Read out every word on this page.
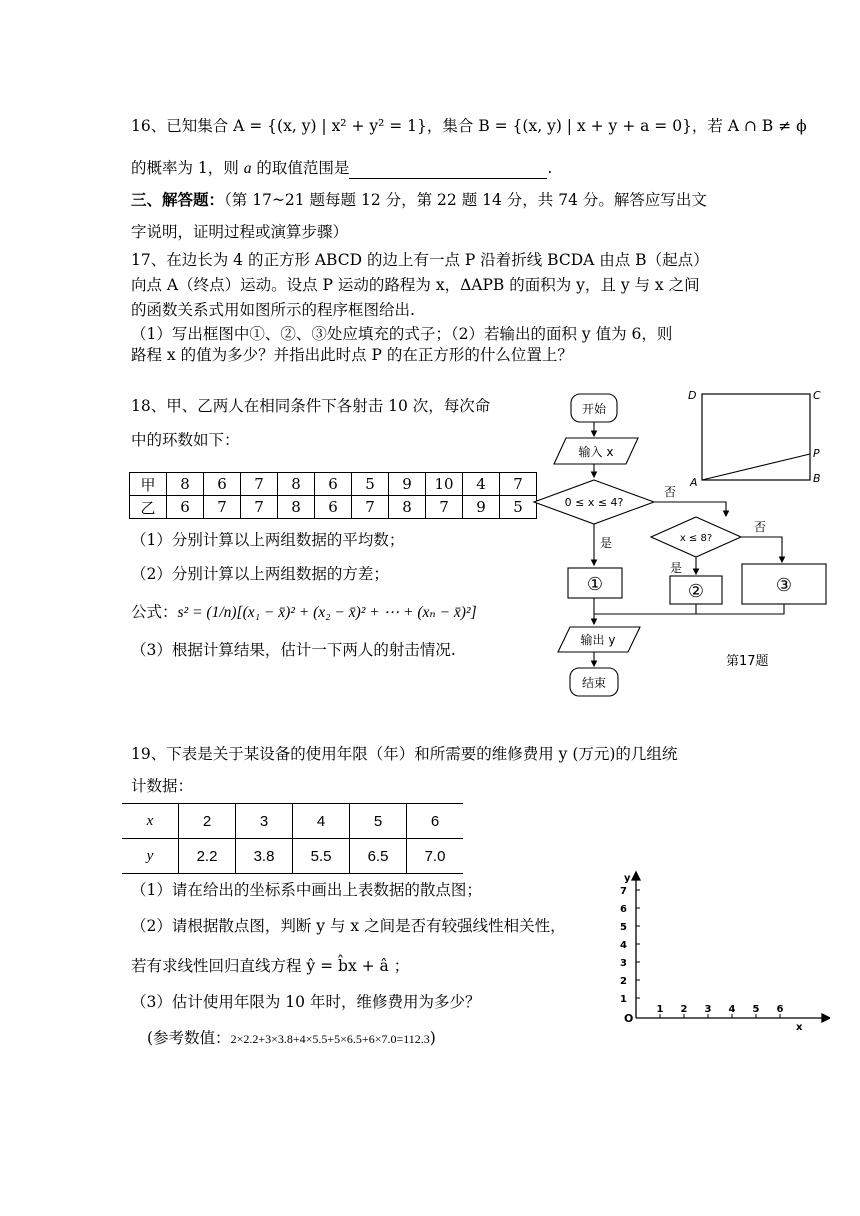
16、已知集合 A = {(x, y) | x² + y² = 1}，集合 B = {(x, y) | x + y + a = 0}，若 A ∩ B ≠ ϕ
的概率为 1，则 a 的取值范围是	.
三、解答题：（第 17~21 题每题 12 分，第 22 题 14 分，共 74 分。解答应写出文
字说明，证明过程或演算步骤）
17、在边长为 4 的正方形 ABCD 的边上有一点 P 沿着折线 BCDA 由点 B（起点）
向点 A（终点）运动。设点 P 运动的路程为 x，ΔAPB 的面积为 y，且 y 与 x 之间
的函数关系式用如图所示的程序框图给出.
（1）写出框图中①、②、③处应填充的式子；（2）若输出的面积 y 值为 6，则
路程 x 的值为多少？并指出此时点 P 的在正方形的什么位置上？
18、甲、乙两人在相同条件下各射击 10 次，每次命
中的环数如下：
甲	8	6	7	8	6	5	9	10	4	7
乙	6	7	7	8	6	7	8	7	9	5
（1）分别计算以上两组数据的平均数；
（2）分别计算以上两组数据的方差；
公式：s² = (1/n)[(x₁ − x̄)² + (x₂ − x̄)² + ⋯ + (xₙ − x̄)²]
（3）根据计算结果，估计一下两人的射击情况.
D	C
A	B
P
开始
输入 x
0 ≤ x ≤ 4?
否
是	x ≤ 8?
否
是
①	②	③
输出 y
结束
第17题
19、下表是关于某设备的使用年限（年）和所需要的维修费用 y (万元)的几组统
计数据：
x	2	3	4	5	6
y	2.2	3.8	5.5	6.5	7.0
（1）请在给出的坐标系中画出上表数据的散点图；
（2）请根据散点图，判断 y 与 x 之间是否有较强线性相关性，
若有求线性回归直线方程 ŷ = b̂x + â ；
（3）估计使用年限为 10 年时，维修费用为多少？
(参考数值：2×2.2+3×3.8+4×5.5+5×6.5+6×7.0=112.3)
1 2 3 4 5 6
1
2
3
4
5
6
7
y
x
O
